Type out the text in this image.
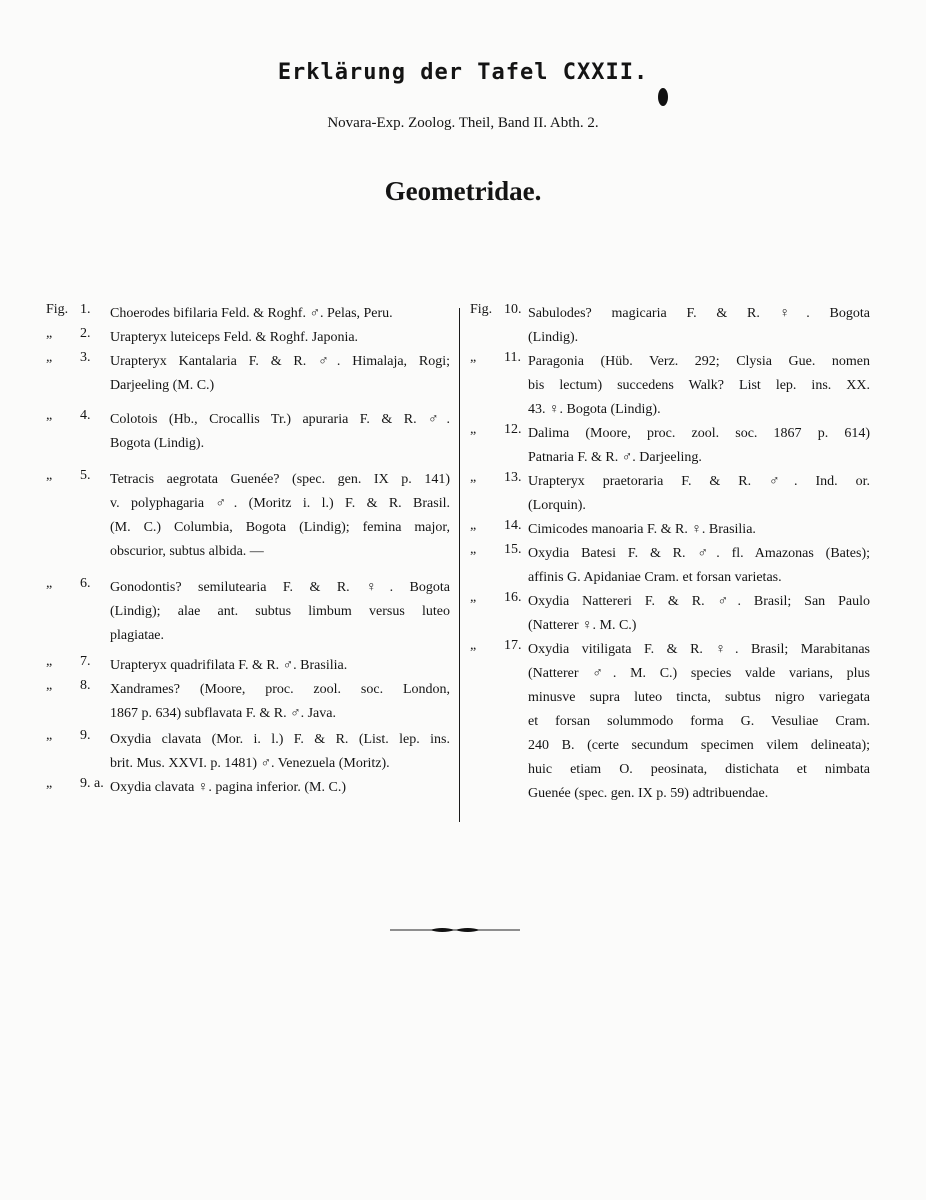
Erklärung der Tafel CXXII.

Novara-Exp. Zoolog. Theil, Band II. Abth. 2.

Geometridae.
Fig. 1.	Choerodes bifilaria Feld. & Roghf. ♂. Pelas, Peru.
„ 2.	Urapteryx luteiceps Feld. & Roghf. Japonia.
„ 3.	Urapteryx Kantalaria F. & R. ♂. Himalaja, Rogi;
Darjeeling (M. C.)
„ 4.	Colotois (Hb., Crocallis Tr.) apuraria F. & R. ♂.
Bogota (Lindig).
„ 5.	Tetracis aegrotata Guenée? (spec. gen. IX p. 141)
v. polyphagaria ♂. (Moritz i. l.) F. & R. Brasil.
(M. C.) Columbia, Bogota (Lindig); femina major,
obscurior, subtus albida. —
„ 6.	Gonodontis? semilutearia F. & R. ♀. Bogota
(Lindig); alae ant. subtus limbum versus luteo
plagiatae.
„ 7.	Urapteryx quadrifilata F. & R. ♂. Brasilia.
„ 8.	Xandrames? (Moore, proc. zool. soc. London,
1867 p. 634) subflavata F. & R. ♂. Java.
„ 9.	Oxydia clavata (Mor. i. l.) F. & R. (List. lep. ins.
brit. Mus. XXVI. p. 1481) ♂. Venezuela (Moritz).
„ 9. a. Oxydia clavata ♀. pagina inferior. (M. C.)
Fig. 10. Sabulodes? magicaria F. & R. ♀. Bogota
(Lindig).
„ 11. Paragonia (Hüb. Verz. 292; Clysia Gue. nomen
bis lectum) succedens Walk? List lep. ins. XX.
43. ♀. Bogota (Lindig).
„ 12. Dalima (Moore, proc. zool. soc. 1867 p. 614)
Patnaria F. & R. ♂. Darjeeling.
„ 13. Urapteryx praetoraria F. & R. ♂. Ind. or.
(Lorquin).
„ 14. Cimicodes manoaria F. & R. ♀. Brasilia.
„ 15. Oxydia Batesi F. & R. ♂. fl. Amazonas (Bates);
affinis G. Apidaniae Cram. et forsan varietas.
„ 16. Oxydia Nattereri F. & R. ♂. Brasil; San Paulo
(Natterer ♀. M. C.)
„ 17. Oxydia vitiligata F. & R. ♀. Brasil; Marabitanas
(Natterer ♂. M. C.) species valde varians, plus
minusve supra luteo tincta, subtus nigro variegata
et forsan solummodo forma G. Vesuliae Cram.
240 B. (certe secundum specimen vilem delineata);
huic etiam O. peosinata, distichata et nimbata
Guenée (spec. gen. IX p. 59) adtribuendae.
